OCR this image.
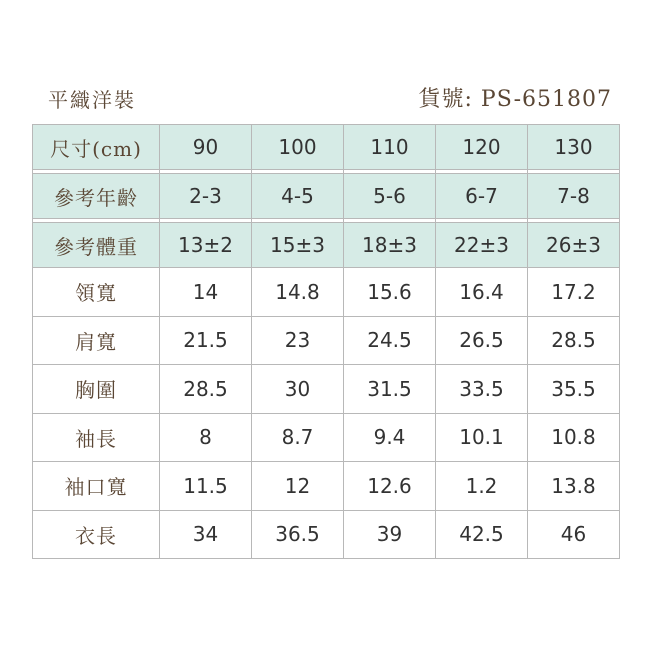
平織洋裝	貨號: PS-651807
尺寸(cm)	90	100	110	120	130

參考年齡	2-3	4-5	5-6	6-7	7-8

參考體重	13±2	15±3	18±3	22±3	26±3
領寬	14	14.8	15.6	16.4	17.2
肩寬	21.5	23	24.5	26.5	28.5
胸圍	28.5	30	31.5	33.5	35.5
袖長	8	8.7	9.4	10.1	10.8
袖口寬	11.5	12	12.6	1.2	13.8
衣長	34	36.5	39	42.5	46
